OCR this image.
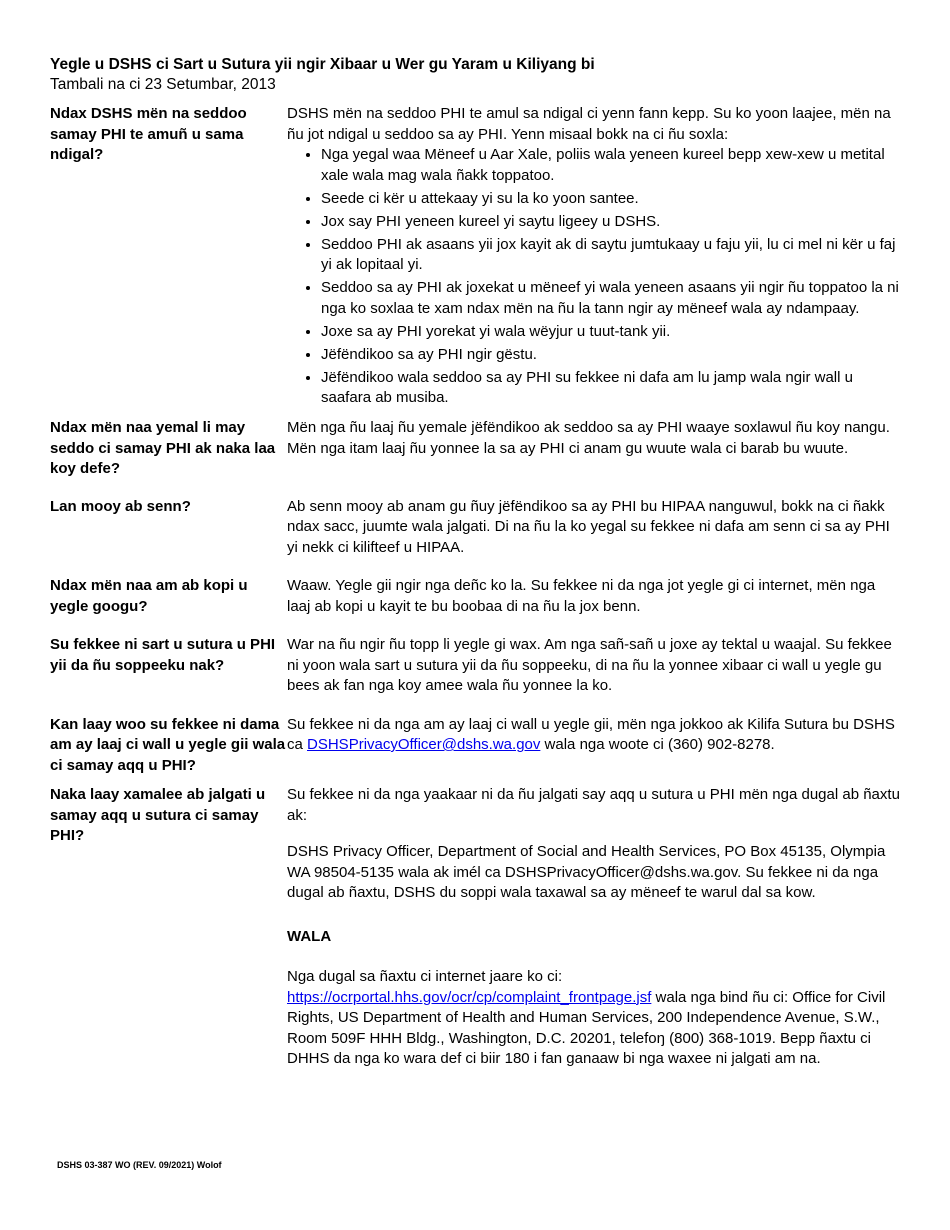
Yegle u DSHS ci Sart u Sutura yii ngir Xibaar u Wer gu Yaram u Kiliyang bi
Tambali na ci 23 Setumbar, 2013
Ndax DSHS mën na seddoo samay PHI te amuñ u sama ndigal?

DSHS mën na seddoo PHI te amul sa ndigal ci yenn fann kepp. Su ko yoon laajee, mën na ñu jot ndigal u seddoo sa ay PHI. Yenn misaal bokk na ci ñu soxla:

• Nga yegal waa Mëneef u Aar Xale, poliis wala yeneen kureel bepp xew-xew u metital xale wala mag wala ñakk toppatoo.
• Seede ci kër u attekaay yi su la ko yoon santee.
• Jox say PHI yeneen kureel yi saytu ligeey u DSHS.
• Seddoo PHI ak asaans yii jox kayit ak di saytu jumtukaay u faju yii, lu ci mel ni kër u faj yi ak lopitaal yi.
• Seddoo sa ay PHI ak joxekat u mëneef yi wala yeneen asaans yii ngir ñu toppatoo la ni nga ko soxlaa te xam ndax mën na ñu la tann ngir ay mëneef wala ay ndampaay.
• Joxe sa ay PHI yorekat yi wala wëyjur u tuut-tank yii.
• Jëfëndikoo sa ay PHI ngir gëstu.
• Jëfëndikoo wala seddoo sa ay PHI su fekkee ni dafa am lu jamp wala ngir wall u saafara ab musiba.
Ndax mën naa yemal li may seddo ci samay PHI ak naka laa koy defe?
Mën nga ñu laaj ñu yemale jëfëndikoo ak seddoo sa ay PHI waaye soxlawul ñu koy nangu. Mën nga itam laaj ñu yonnee la sa ay PHI ci anam gu wuute wala ci barab bu wuute.
Lan mooy ab senn?	Ab senn mooy ab anam gu ñuy jëfëndikoo sa ay PHI bu HIPAA nanguwul, bokk na ci ñakk ndax sacc, juumte wala jalgati. Di na ñu la ko yegal su fekkee ni dafa am senn ci sa ay PHI yi nekk ci kilifteef u HIPAA.
Ndax mën naa am ab kopi u yegle googu?
Waaw. Yegle gii ngir nga deñc ko la. Su fekkee ni da nga jot yegle gi ci internet, mën nga laaj ab kopi u kayit te bu boobaa di na ñu la jox benn.
Su fekkee ni sart u sutura u PHI yii da ñu soppeeku nak?
War na ñu ngir ñu topp li yegle gi wax. Am nga sañ-sañ u joxe ay tektal u waajal. Su fekkee ni yoon wala sart u sutura yii da ñu soppeeku, di na ñu la yonnee xibaar ci wall u yegle gu bees ak fan nga koy amee wala ñu yonnee la ko.
Kan laay woo su fekkee ni dama am ay laaj ci wall u yegle gii wala ci samay aqq u PHI?
Su fekkee ni da nga am ay laaj ci wall u yegle gii, mën nga jokkoo ak Kilifa Sutura bu DSHS ca DSHSPrivacyOfficer@dshs.wa.gov wala nga woote ci (360) 902-8278.
Naka laay xamalee ab jalgati u samay aqq u sutura ci samay PHI?

Su fekkee ni da nga yaakaar ni da ñu jalgati say aqq u sutura u PHI mën nga dugal ab ñaxtu ak:

DSHS Privacy Officer, Department of Social and Health Services, PO Box 45135, Olympia WA 98504-5135 wala ak imél ca DSHSPrivacyOfficer@dshs.wa.gov. Su fekkee ni da nga dugal ab ñaxtu, DSHS du soppi wala taxawal sa ay mëneef te warul dal sa kow.

WALA

Nga dugal sa ñaxtu ci internet jaare ko ci:
https://ocrportal.hhs.gov/ocr/cp/complaint_frontpage.jsf wala nga bind ñu ci: Office for Civil Rights, US Department of Health and Human Services, 200 Independence Avenue, S.W., Room 509F HHH Bldg., Washington, D.C. 20201, telefoŋ (800) 368-1019. Bepp ñaxtu ci DHHS da nga ko wara def ci biir 180 i fan ganaaw bi nga waxee ni jalgati am na.

DSHS 03-387 WO (REV. 09/2021) Wolof
